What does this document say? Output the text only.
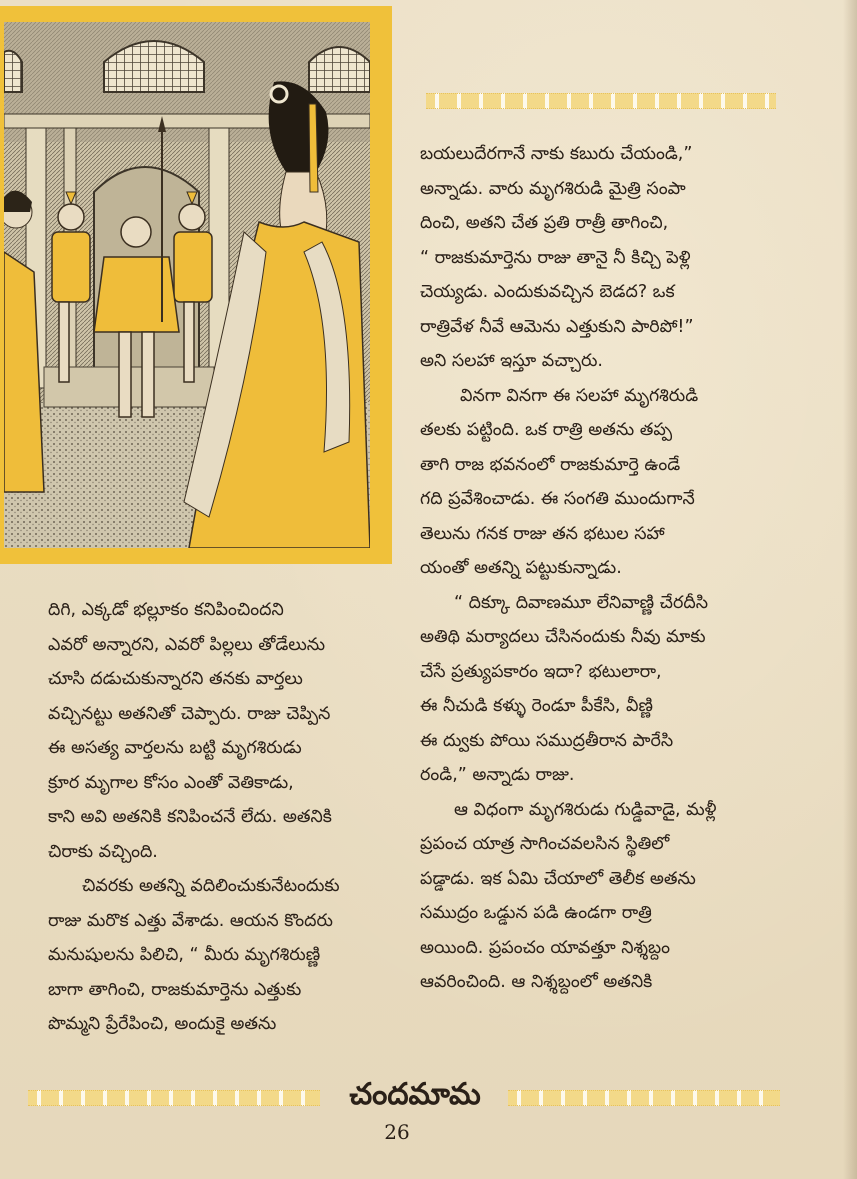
బయలుదేరగానే నాకు కబురు చేయండి,”

అన్నాడు. వారు మృగశిరుడి మైత్రి సంపా

దించి, అతని చేత ప్రతి రాత్రీ తాగించి,

“ రాజకుమార్తెను రాజు తానై నీ కిచ్చి పెళ్లి

చెయ్యడు. ఎందుకువచ్చిన బెడద? ఒక

రాత్రివేళ నీవే ఆమెను ఎత్తుకుని పారిపో!”

అని సలహా ఇస్తూ వచ్చారు.

వినగా వినగా ఈ సలహా మృగశిరుడి

తలకు పట్టింది. ఒక రాత్రి అతను తప్ప

తాగి రాజ భవనంలో రాజకుమార్తె ఉండే

గది ప్రవేశించాడు. ఈ సంగతి ముందుగానే

తెలును గనక రాజు తన భటుల సహా

యంతో అతన్ని పట్టుకున్నాడు.

“ దిక్కూ దివాణమూ లేనివాణ్ణి చేరదీసి

అతిథి మర్యాదలు చేసినందుకు నీవు మాకు

చేసే ప్రత్యుపకారం ఇదా? భటులారా,

ఈ నీచుడి కళ్ళు రెండూ పీకేసి, వీణ్ణి

ఈ ద్వుకు పోయి సముద్రతీరాన పారేసి

రండి,” అన్నాడు రాజు.

ఆ విధంగా మృగశిరుడు గుడ్డివాడై, మళ్లీ

ప్రపంచ యాత్ర సాగించవలసిన స్థితిలో

పడ్డాడు. ఇక ఏమి చేయాలో తెలీక అతను

సముద్రం ఒడ్డున పడి ఉండగా రాత్రి

అయింది. ప్రపంచం యావత్తూ నిశ్శబ్దం

ఆవరించింది. ఆ నిశ్శబ్దంలో అతనికి

దిగి, ఎక్కడో భల్లూకం కనిపించిందని

ఎవరో అన్నారని, ఎవరో పిల్లలు తోడేలును

చూసి దడుచుకున్నారని తనకు వార్తలు

వచ్చినట్టు అతనితో చెప్పారు. రాజు చెప్పిన

ఈ అసత్య వార్తలను బట్టి మృగశిరుడు

క్రూర మృగాల కోసం ఎంతో వెతికాడు,

కాని అవి అతనికి కనిపించనే లేదు. అతనికి

చిరాకు వచ్చింది.

చివరకు అతన్ని వదిలించుకునేటందుకు

రాజు మరొక ఎత్తు వేశాడు. ఆయన కొందరు

మనుషులను పిలిచి, “ మీరు మృగశిరుణ్ణి

బాగా తాగించి, రాజకుమార్తెను ఎత్తుకు

పొమ్మని ప్రేరేపించి, అందుకై అతను

చందమామ
26
